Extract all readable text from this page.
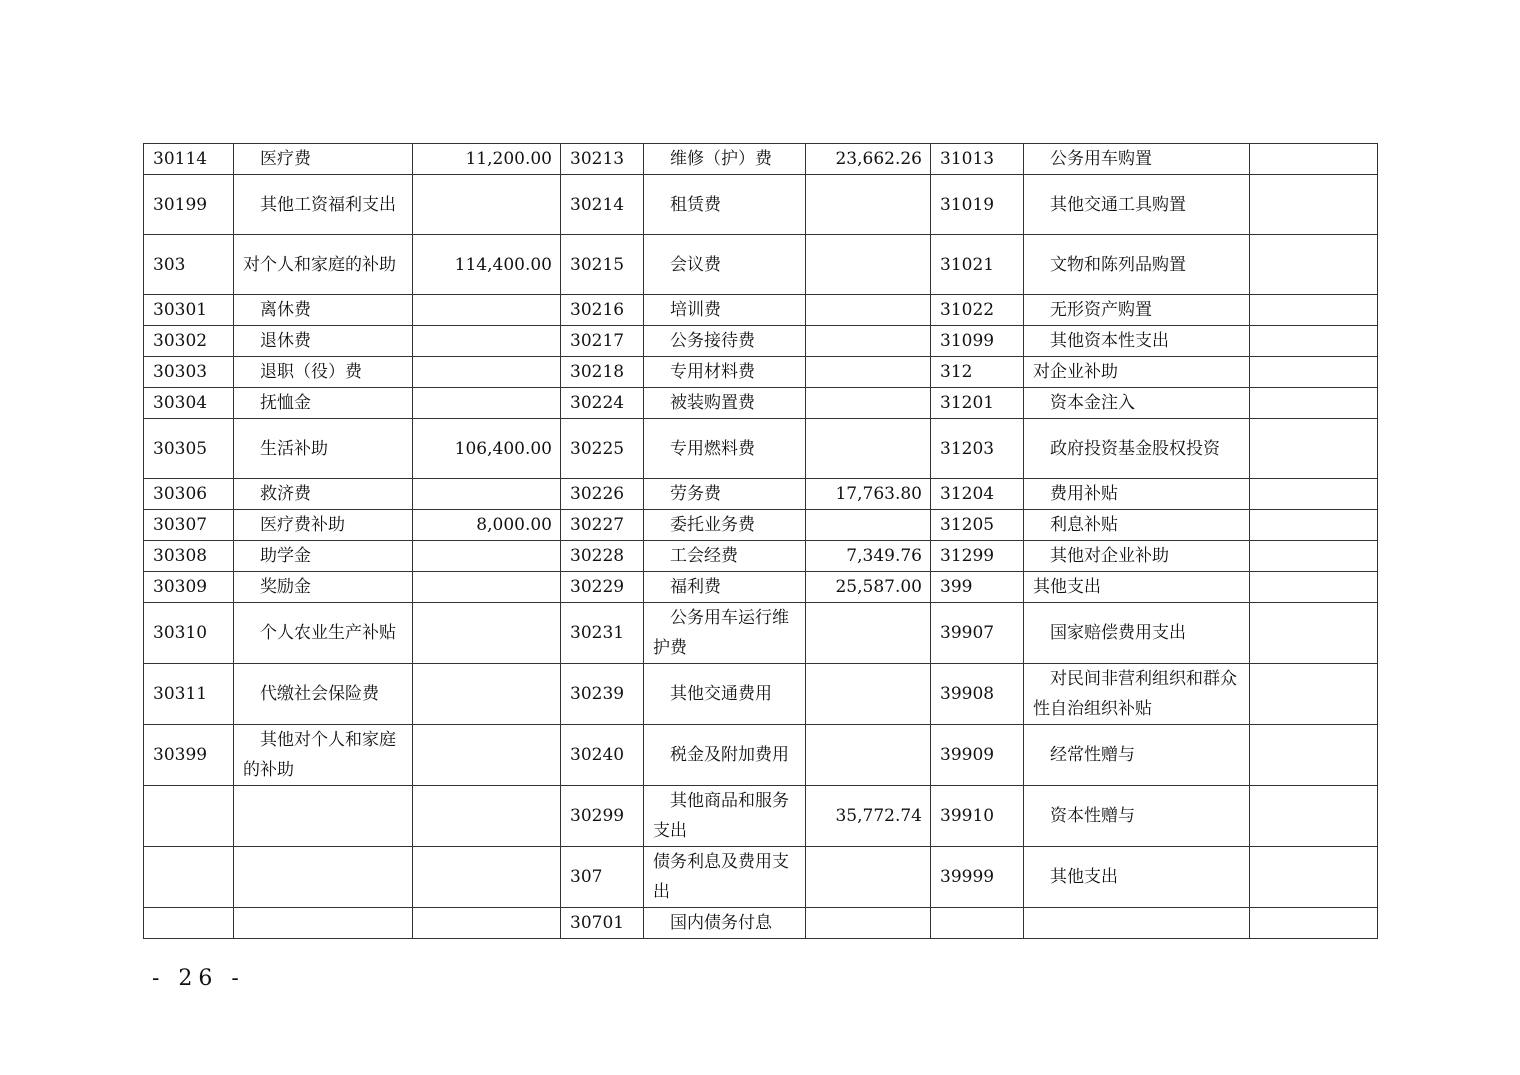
30114	　医疗费	11,200.00	30213	　维修（护）费	23,662.26	31013	　公务用车购置	
30199	　其他工资福利支出		30214	　租赁费		31019	　其他交通工具购置	
303	对个人和家庭的补助	114,400.00	30215	　会议费		31021	　文物和陈列品购置	
30301	　离休费		30216	　培训费		31022	　无形资产购置	
30302	　退休费		30217	　公务接待费		31099	　其他资本性支出	
30303	　退职（役）费		30218	　专用材料费		312	对企业补助	
30304	　抚恤金		30224	　被装购置费		31201	　资本金注入	
30305	　生活补助	106,400.00	30225	　专用燃料费		31203	　政府投资基金股权投资	
30306	　救济费		30226	　劳务费	17,763.80	31204	　费用补贴	
30307	　医疗费补助	8,000.00	30227	　委托业务费		31205	　利息补贴	
30308	　助学金		30228	　工会经费	7,349.76	31299	　其他对企业补助	
30309	　奖励金		30229	　福利费	25,587.00	399	其他支出	
30310	　个人农业生产补贴		30231	　公务用车运行维护费		39907	　国家赔偿费用支出	
30311	　代缴社会保险费		30239	　其他交通费用		39908	　对民间非营利组织和群众性自治组织补贴	
30399	　其他对个人和家庭的补助		30240	　税金及附加费用		39909	　经常性赠与	
			30299	　其他商品和服务支出	35,772.74	39910	　资本性赠与	
			307	债务利息及费用支出		39999	　其他支出	
			30701	　国内债务付息				
- 26 -
